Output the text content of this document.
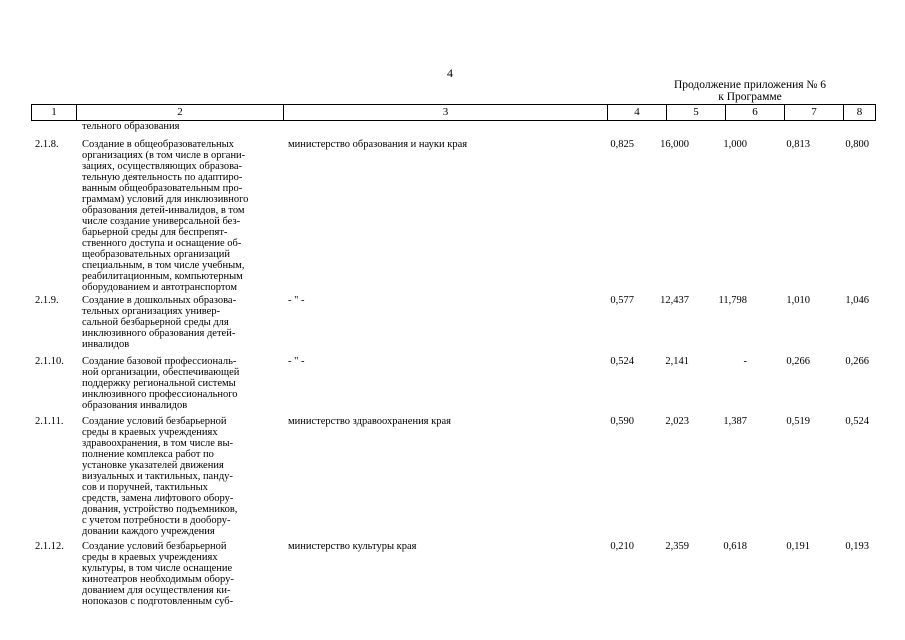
4
Продолжение приложения № 6
к Программе
1	2	3	4	5	6	7	8
тельного образования
2.1.8.	Создание в общеобразовательных
организациях (в том числе в органи-
зациях, осуществляющих образова-
тельную деятельность по адаптиро-
ванным общеобразовательным про-
граммам) условий для инклюзивного
образования детей-инвалидов, в том
числе создание универсальной без-
барьерной среды для беспрепят-
ственного доступа и оснащение об-
щеобразовательных организаций
специальным, в том числе учебным,
реабилитационным, компьютерным
оборудованием и автотранспортом
министерство образования и науки края	0,825	16,000	1,000	0,813	0,800
2.1.9.	Создание в дошкольных образова-
тельных организациях универ-
сальной безбарьерной среды для
инклюзивного образования детей-
инвалидов
- " -	0,577	12,437	11,798	1,010	1,046
2.1.10.	Создание базовой профессиональ-
ной организации, обеспечивающей
поддержку региональной системы
инклюзивного профессионального
образования инвалидов
- " -	0,524	2,141	-	0,266	0,266
2.1.11.	Создание условий безбарьерной
среды в краевых учреждениях
здравоохранения, в том числе вы-
полнение комплекса работ по
установке указателей движения
визуальных и тактильных, панду-
сов и поручней, тактильных
средств, замена лифтового обору-
дования, устройство подъемников,
с учетом потребности в дообору-
довании каждого учреждения
министерство здравоохранения края	0,590	2,023	1,387	0,519	0,524
2.1.12.	Создание условий безбарьерной
среды в краевых учреждениях
культуры, в том числе оснащение
кинотеатров необходимым обору-
дованием для осуществления ки-
нопоказов с подготовленным суб-
министерство культуры края	0,210	2,359	0,618	0,191	0,193
